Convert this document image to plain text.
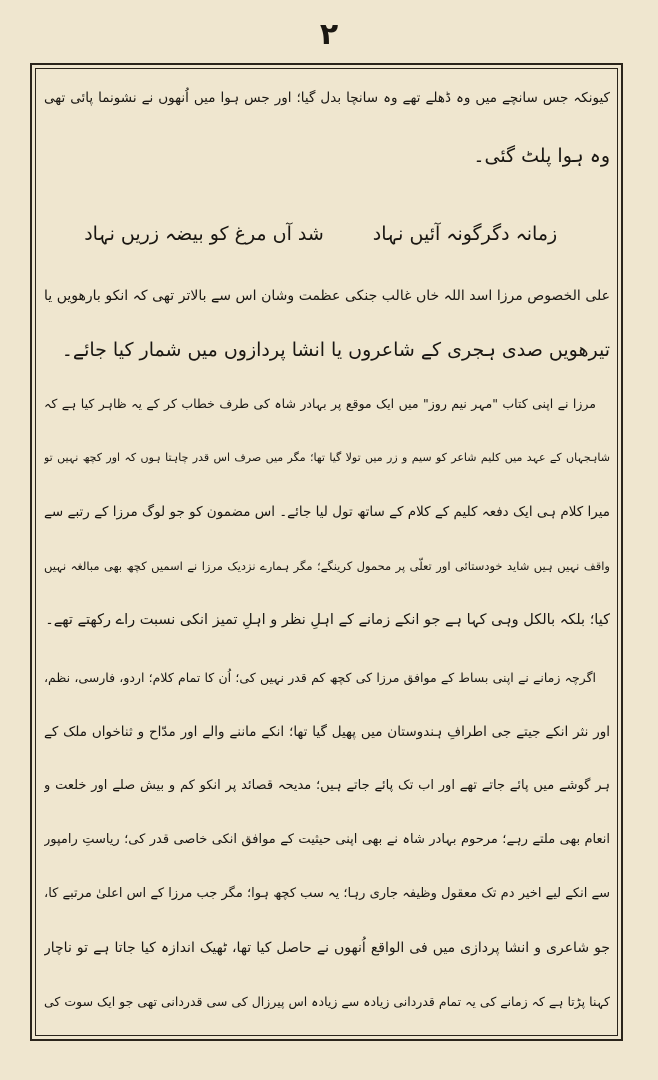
۲
کیونکہ جس سانچے میں وہ ڈھلے تھے وہ سانچا بدل گیا؛ اور جس ہوا میں اُنھوں نے نشونما پائی تھی
وہ ہوا پلٹ گئی۔
زمانہ دگرگونہ آئیں نہاد
شد آں مرغ کو بیضہ زریں نہاد
علی الخصوص مرزا اسد اللہ خاں غالب جنکی عظمت وشان اس سے بالاتر تھی کہ انکو بارھویں یا
تیرھویں صدی ہجری کے شاعروں یا انشا پردازوں میں شمار کیا جائے۔
مرزا نے اپنی کتاب "مہر نیم روز" میں ایک موقع پر بہادر شاہ کی طرف خطاب کر کے یہ ظاہر کیا ہے کہ
شاہجہاں کے عہد میں کلیم شاعر کو سیم و زر میں تولا گیا تھا؛ مگر میں صرف اس قدر چاہتا ہوں کہ اور کچھ نہیں تو
میرا کلام ہی ایک دفعہ کلیم کے کلام کے ساتھ تول لیا جائے۔ اس مضمون کو جو لوگ مرزا کے رتبے سے
واقف نہیں ہیں شاید خودستائی اور تعلّی پر محمول کرینگے؛ مگر ہمارے نزدیک مرزا نے اسمیں کچھ بھی مبالغہ نہیں
کیا؛ بلکہ بالکل وہی کہا ہے جو انکے زمانے کے اہلِ نظر و اہلِ تمیز انکی نسبت راے رکھتے تھے۔
اگرچہ زمانے نے اپنی بساط کے موافق مرزا کی کچھ کم قدر نہیں کی؛ اُن کا تمام کلام؛ اردو، فارسی، نظم،
اور نثر انکے جیتے جی اطرافِ ہندوستان میں پھیل گیا تھا؛ انکے ماننے والے اور مدّاح و ثناخواں ملک کے
ہر گوشے میں پائے جاتے تھے اور اب تک پائے جاتے ہیں؛ مدیحہ قصائد پر انکو کم و بیش صلے اور خلعت و
انعام بھی ملتے رہے؛ مرحوم بہادر شاہ نے بھی اپنی حیثیت کے موافق انکی خاصی قدر کی؛ ریاستِ رامپور
سے انکے لیے اخیر دم تک معقول وظیفہ جاری رہا؛ یہ سب کچھ ہوا؛ مگر جب مرزا کے اس اعلیٰ مرتبے کا،
جو شاعری و انشا پردازی میں فی الواقع اُنھوں نے حاصل کیا تھا، ٹھیک اندازہ کیا جاتا ہے تو ناچار
کہنا پڑتا ہے کہ زمانے کی یہ تمام قدردانی زیادہ سے زیادہ اس پیرزال کی سی قدردانی تھی جو ایک سوت کی
